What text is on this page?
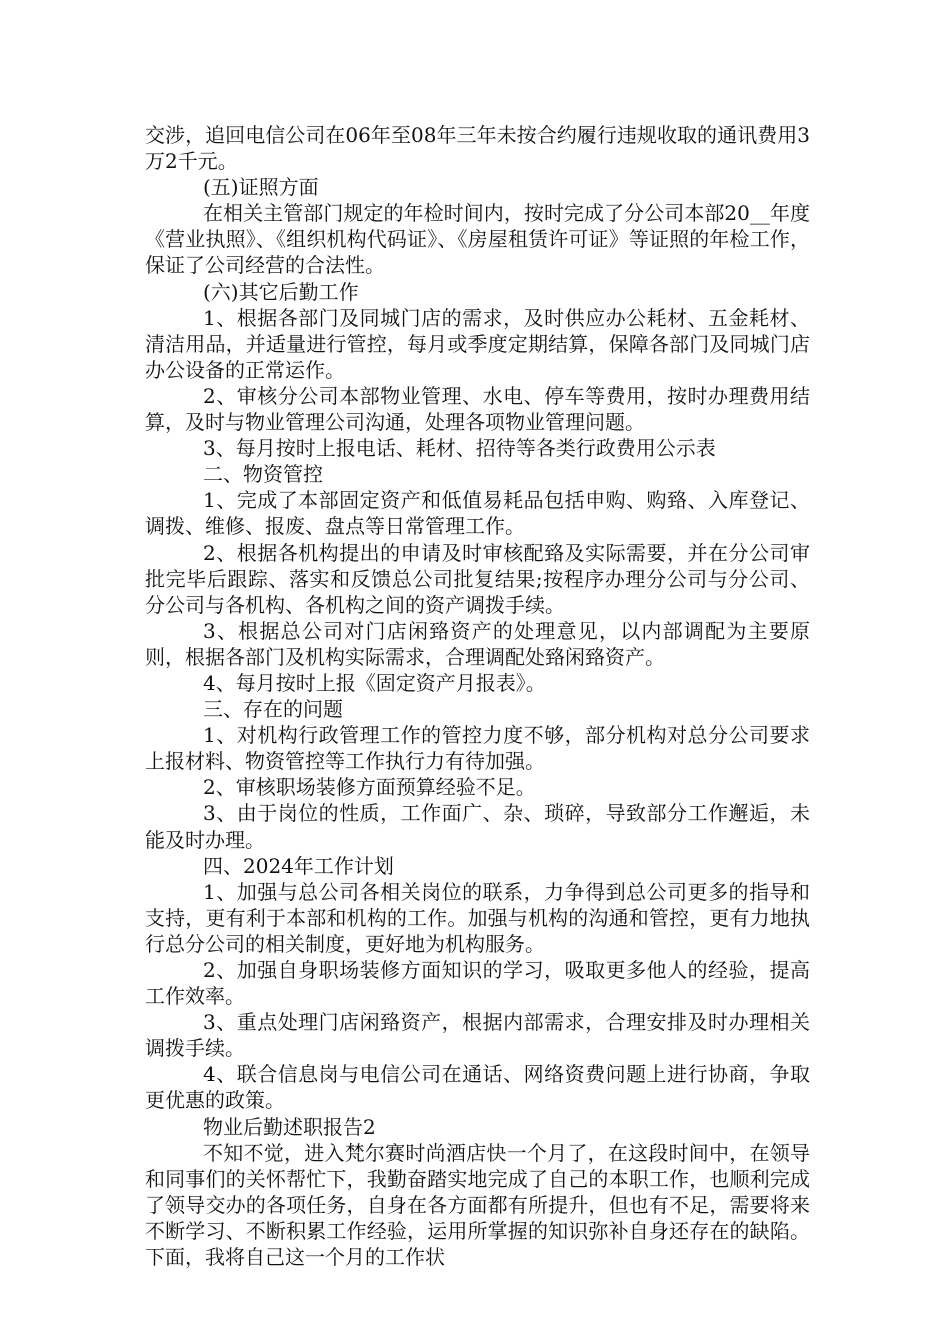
交涉，追回电信公司在06年至08年三年未按合约履行违规收取的通讯费用3万2千元。

(五)证照方面

在相关主管部门规定的年检时间内，按时完成了分公司本部20__年度《营业执照》、《组织机构代码证》、《房屋租赁许可证》等证照的年检工作，保证了公司经营的合法性。

(六)其它后勤工作

1、根据各部门及同城门店的需求，及时供应办公耗材、五金耗材、清洁用品，并适量进行管控，每月或季度定期结算，保障各部门及同城门店办公设备的正常运作。

2、审核分公司本部物业管理、水电、停车等费用，按时办理费用结算，及时与物业管理公司沟通，处理各项物业管理问题。

3、每月按时上报电话、耗材、招待等各类行政费用公示表

二、物资管控

1、完成了本部固定资产和低值易耗品包括申购、购臵、入库登记、调拨、维修、报废、盘点等日常管理工作。

2、根据各机构提出的申请及时审核配臵及实际需要，并在分公司审批完毕后跟踪、落实和反馈总公司批复结果;按程序办理分公司与分公司、分公司与各机构、各机构之间的资产调拨手续。

3、根据总公司对门店闲臵资产的处理意见，以内部调配为主要原则，根据各部门及机构实际需求，合理调配处臵闲臵资产。

4、每月按时上报《固定资产月报表》。

三、存在的问题

1、对机构行政管理工作的管控力度不够，部分机构对总分公司要求上报材料、物资管控等工作执行力有待加强。

2、审核职场装修方面预算经验不足。

3、由于岗位的性质，工作面广、杂、琐碎，导致部分工作邂逅，未能及时办理。

四、2024年工作计划

1、加强与总公司各相关岗位的联系，力争得到总公司更多的指导和支持，更有利于本部和机构的工作。加强与机构的沟通和管控，更有力地执行总分公司的相关制度，更好地为机构服务。

2、加强自身职场装修方面知识的学习，吸取更多他人的经验，提高工作效率。

3、重点处理门店闲臵资产，根据内部需求，合理安排及时办理相关调拨手续。

4、联合信息岗与电信公司在通话、网络资费问题上进行协商，争取更优惠的政策。

物业后勤述职报告2

不知不觉，进入梵尔赛时尚酒店快一个月了，在这段时间中，在领导和同事们的关怀帮忙下，我勤奋踏实地完成了自己的本职工作，也顺利完成了领导交办的各项任务，自身在各方面都有所提升，但也有不足，需要将来不断学习、不断积累工作经验，运用所掌握的知识弥补自身还存在的缺陷。下面，我将自己这一个月的工作状
